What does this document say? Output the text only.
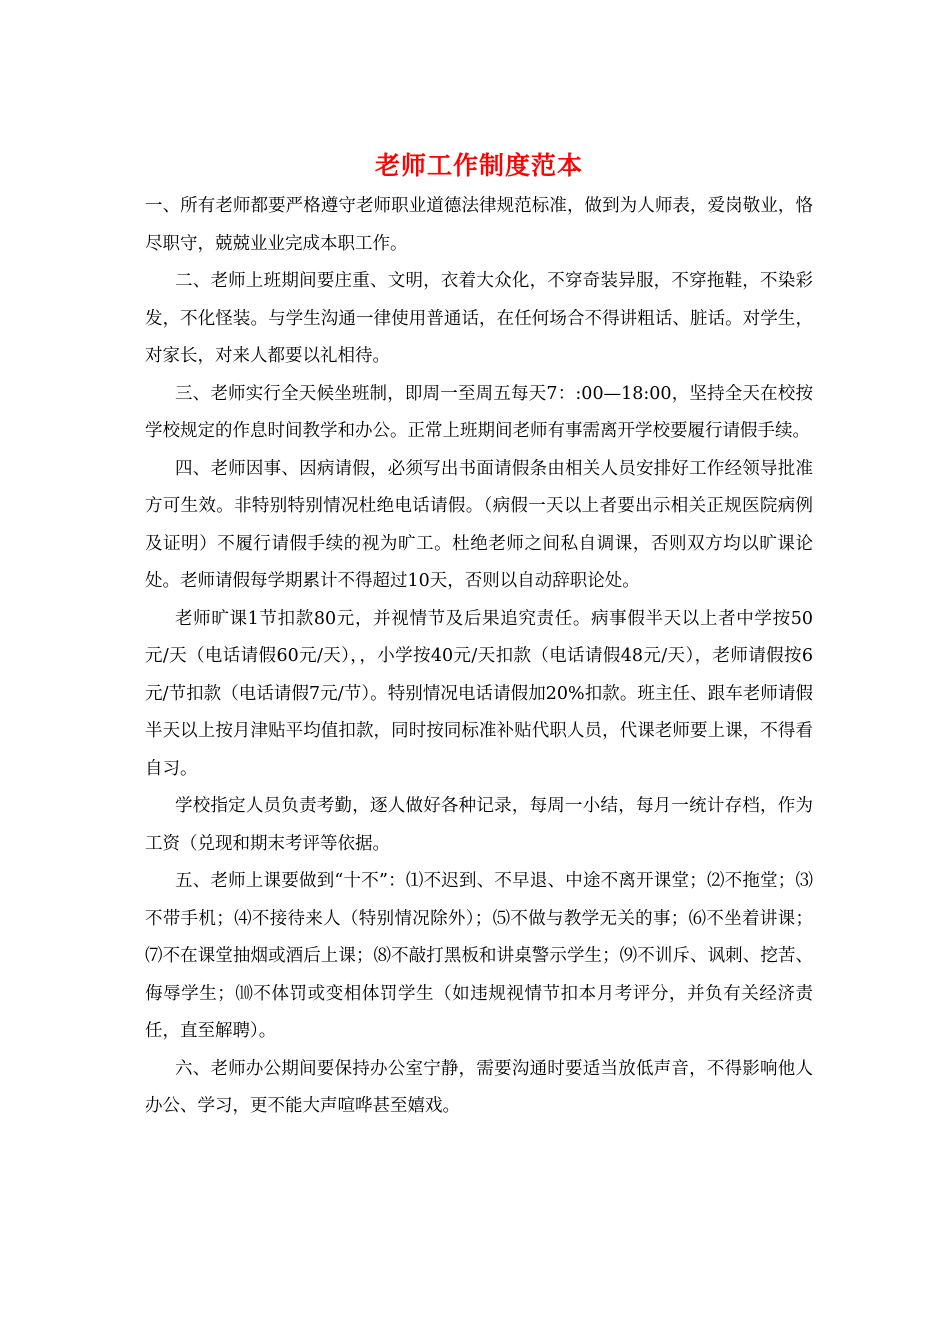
老师工作制度范本

一、所有老师都要严格遵守老师职业道德法律规范标准，做到为人师表，爱岗敬业，恪尽职守，兢兢业业完成本职工作。

二、老师上班期间要庄重、文明，衣着大众化，不穿奇装异服，不穿拖鞋，不染彩发，不化怪装。与学生沟通一律使用普通话，在任何场合不得讲粗话、脏话。对学生，对家长，对来人都要以礼相待。

三、老师实行全天候坐班制，即周一至周五每天7：:00—18:00，坚持全天在校按学校规定的作息时间教学和办公。正常上班期间老师有事需离开学校要履行请假手续。

四、老师因事、因病请假，必须写出书面请假条由相关人员安排好工作经领导批准方可生效。非特别特别情况杜绝电话请假。（病假一天以上者要出示相关正规医院病例及证明）不履行请假手续的视为旷工。杜绝老师之间私自调课，否则双方均以旷课论处。老师请假每学期累计不得超过10天，否则以自动辞职论处。

老师旷课1节扣款80元，并视情节及后果追究责任。病事假半天以上者中学按50元/天（电话请假60元/天），，小学按40元/天扣款（电话请假48元/天），老师请假按6元/节扣款（电话请假7元/节）。特别情况电话请假加20%扣款。班主任、跟车老师请假半天以上按月津贴平均值扣款，同时按同标准补贴代职人员，代课老师要上课，不得看自习。

学校指定人员负责考勤，逐人做好各种记录，每周一小结，每月一统计存档，作为工资（兑现和期末考评等依据。

五、老师上课要做到“十不”：⑴不迟到、不早退、中途不离开课堂；⑵不拖堂；⑶不带手机；⑷不接待来人（特别情况除外）；⑸不做与教学无关的事；⑹不坐着讲课；⑺不在课堂抽烟或酒后上课；⑻不敲打黑板和讲桌警示学生；⑼不训斥、讽刺、挖苦、侮辱学生；⑽不体罚或变相体罚学生（如违规视情节扣本月考评分，并负有关经济责任，直至解聘）。

六、老师办公期间要保持办公室宁静，需要沟通时要适当放低声音，不得影响他人办公、学习，更不能大声喧哗甚至嬉戏。
